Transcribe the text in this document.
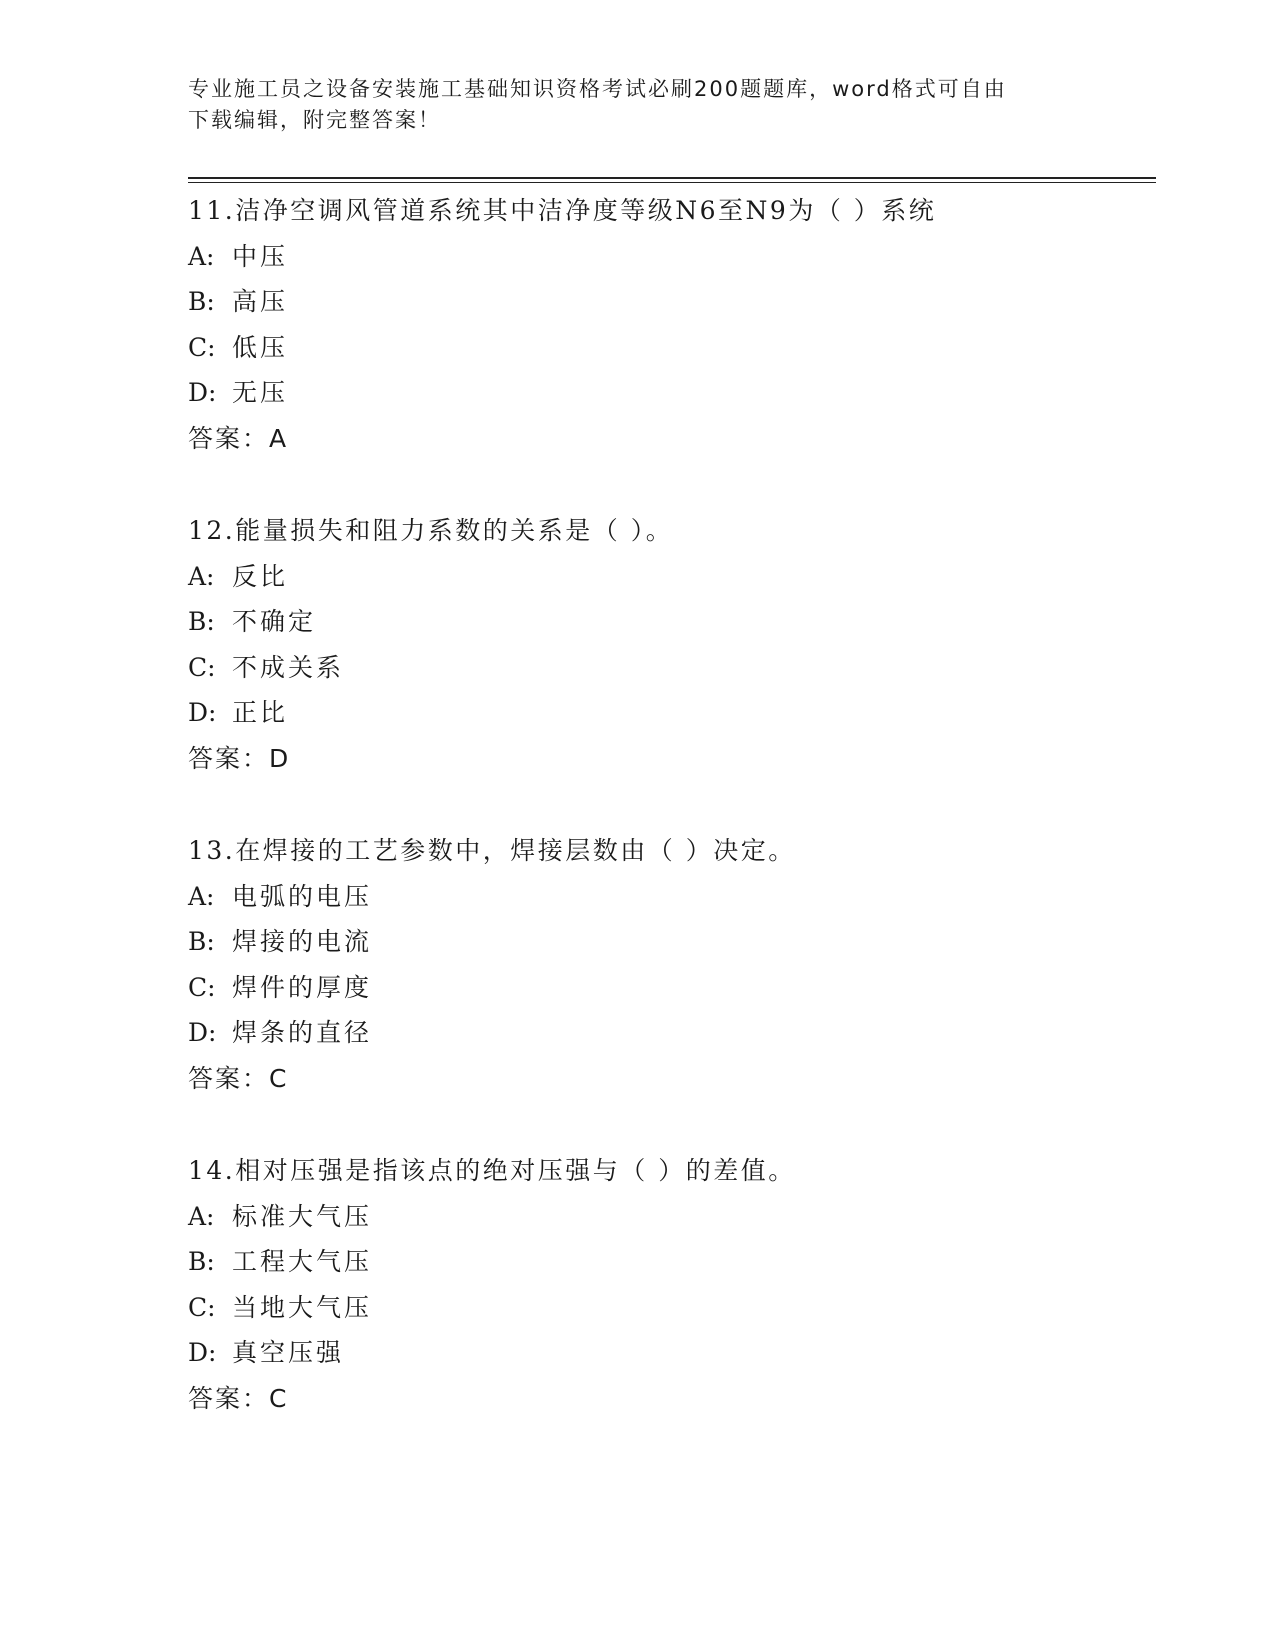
专业施工员之设备安装施工基础知识资格考试必刷200题题库，word格式可自由
下载编辑，附完整答案！
11.洁净空调风管道系统其中洁净度等级N6至N9为（ ）系统
A: 中压
B: 高压
C: 低压
D: 无压
答案：A
12.能量损失和阻力系数的关系是（ ）。
A: 反比
B: 不确定
C: 不成关系
D: 正比
答案：D
13.在焊接的工艺参数中，焊接层数由（ ）决定。
A: 电弧的电压
B: 焊接的电流
C: 焊件的厚度
D: 焊条的直径
答案：C
14.相对压强是指该点的绝对压强与（ ）的差值。
A: 标准大气压
B: 工程大气压
C: 当地大气压
D: 真空压强
答案：C
